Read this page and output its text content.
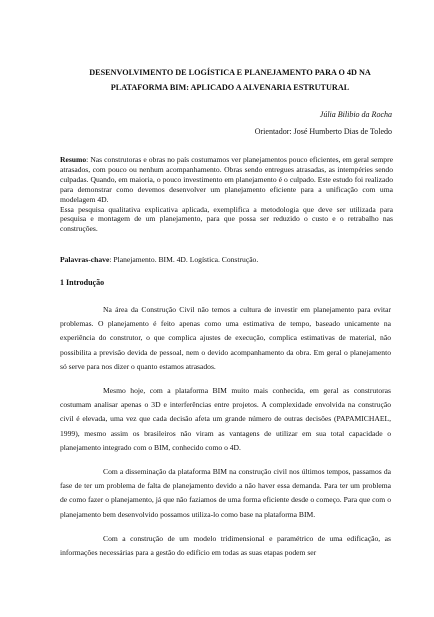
DESENVOLVIMENTO DE LOGÍSTICA E PLANEJAMENTO PARA O 4D NA
PLATAFORMA BIM: APLICADO A ALVENARIA ESTRUTURAL
Júlia Bilibio da Rocha
Orientador: José Humberto Dias de Toledo
Resumo: Nas construtoras e obras no país costumamos ver planejamentos pouco eficientes, em geral sempre atrasados, com pouco ou nenhum acompanhamento. Obras sendo entregues atrasadas, as intempéries sendo culpadas. Quando, em maioria, o pouco investimento em planejamento é o culpado. Este estudo foi realizado para demonstrar como devemos desenvolver um planejamento eficiente para a unificação com uma modelagem 4D.
Essa pesquisa qualitativa explicativa aplicada, exemplifica a metodologia que deve ser utilizada para pesquisa e montagem de um planejamento, para que possa ser reduzido o custo e o retrabalho nas construções.
Palavras-chave: Planejamento. BIM. 4D. Logística. Construção.
1 Introdução

Na área da Construção Civil não temos a cultura de investir em planejamento para evitar problemas. O planejamento é feito apenas como uma estimativa de tempo, baseado unicamente na experiência do construtor, o que complica ajustes de execução, complica estimativas de material, não possibilita a previsão devida de pessoal, nem o devido acompanhamento da obra. Em geral o planejamento só serve para nos dizer o quanto estamos atrasados.

Mesmo hoje, com a plataforma BIM muito mais conhecida, em geral as construtoras costumam analisar apenas o 3D e interferências entre projetos. A complexidade envolvida na construção civil é elevada, uma vez que cada decisão afeta um grande número de outras decisões (PAPAMICHAEL, 1999), mesmo assim os brasileiros não viram as vantagens de utilizar em sua total capacidade o planejamento integrado com o BIM, conhecido como o 4D.

Com a disseminação da plataforma BIM na construção civil nos últimos tempos, passamos da fase de ter um problema de falta de planejamento devido a não haver essa demanda. Para ter um problema de como fazer o planejamento, já que não faziamos de uma forma eficiente desde o começo. Para que com o planejamento bem desenvolvido possamos utiliza-lo como base na plataforma BIM.

Com a construção de um modelo tridimensional e paramétrico de uma edificação, as informações necessárias para a gestão do edifício em todas as suas etapas podem ser
